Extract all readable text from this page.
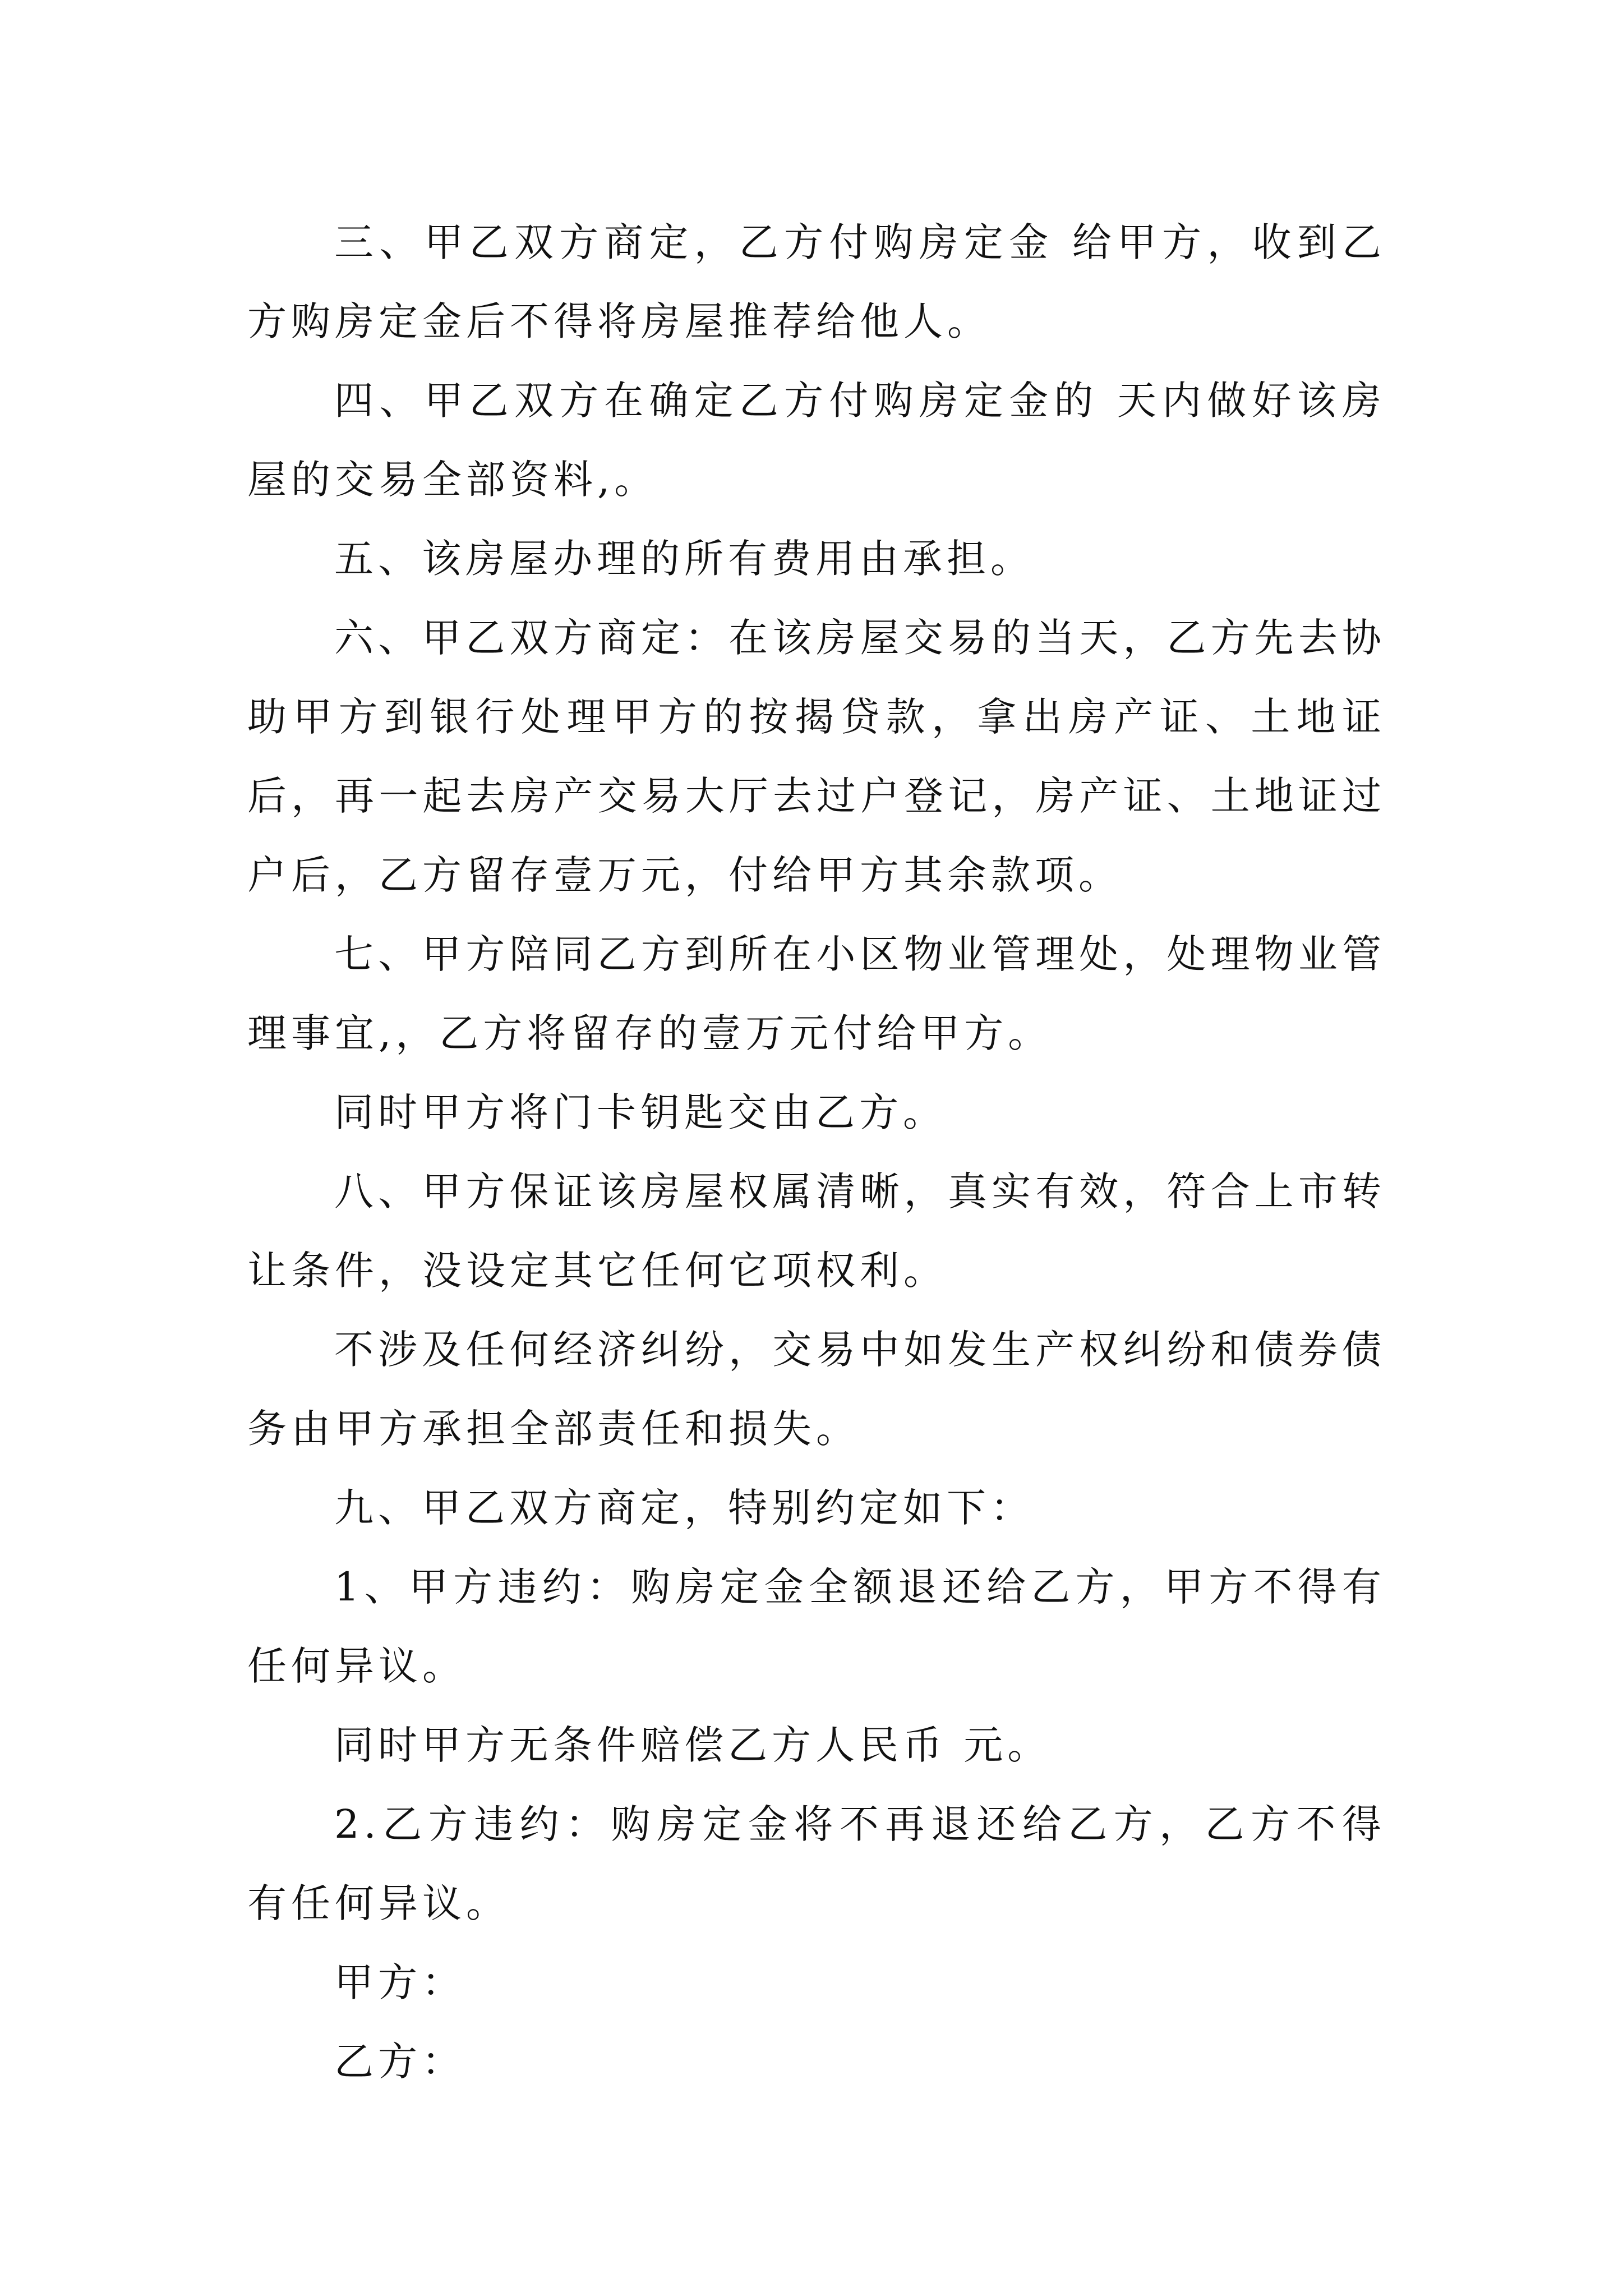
三、甲乙双方商定，乙方付购房定金 给甲方，收到乙方购房定金后不得将房屋推荐给他人。

四、甲乙双方在确定乙方付购房定金的 天内做好该房屋的交易全部资料,。

五、该房屋办理的所有费用由承担。

六、甲乙双方商定：在该房屋交易的当天，乙方先去协助甲方到银行处理甲方的按揭贷款，拿出房产证、土地证后，再一起去房产交易大厅去过户登记，房产证、土地证过户后，乙方留存壹万元，付给甲方其余款项。

七、甲方陪同乙方到所在小区物业管理处，处理物业管理事宜,，乙方将留存的壹万元付给甲方。

同时甲方将门卡钥匙交由乙方。

八、甲方保证该房屋权属清晰，真实有效，符合上市转让条件，没设定其它任何它项权利。

不涉及任何经济纠纷，交易中如发生产权纠纷和债券债务由甲方承担全部责任和损失。

九、甲乙双方商定，特别约定如下：

1、甲方违约：购房定金全额退还给乙方，甲方不得有任何异议。

同时甲方无条件赔偿乙方人民币 元。

2.乙方违约：购房定金将不再退还给乙方，乙方不得有任何异议。

甲方：

乙方：
